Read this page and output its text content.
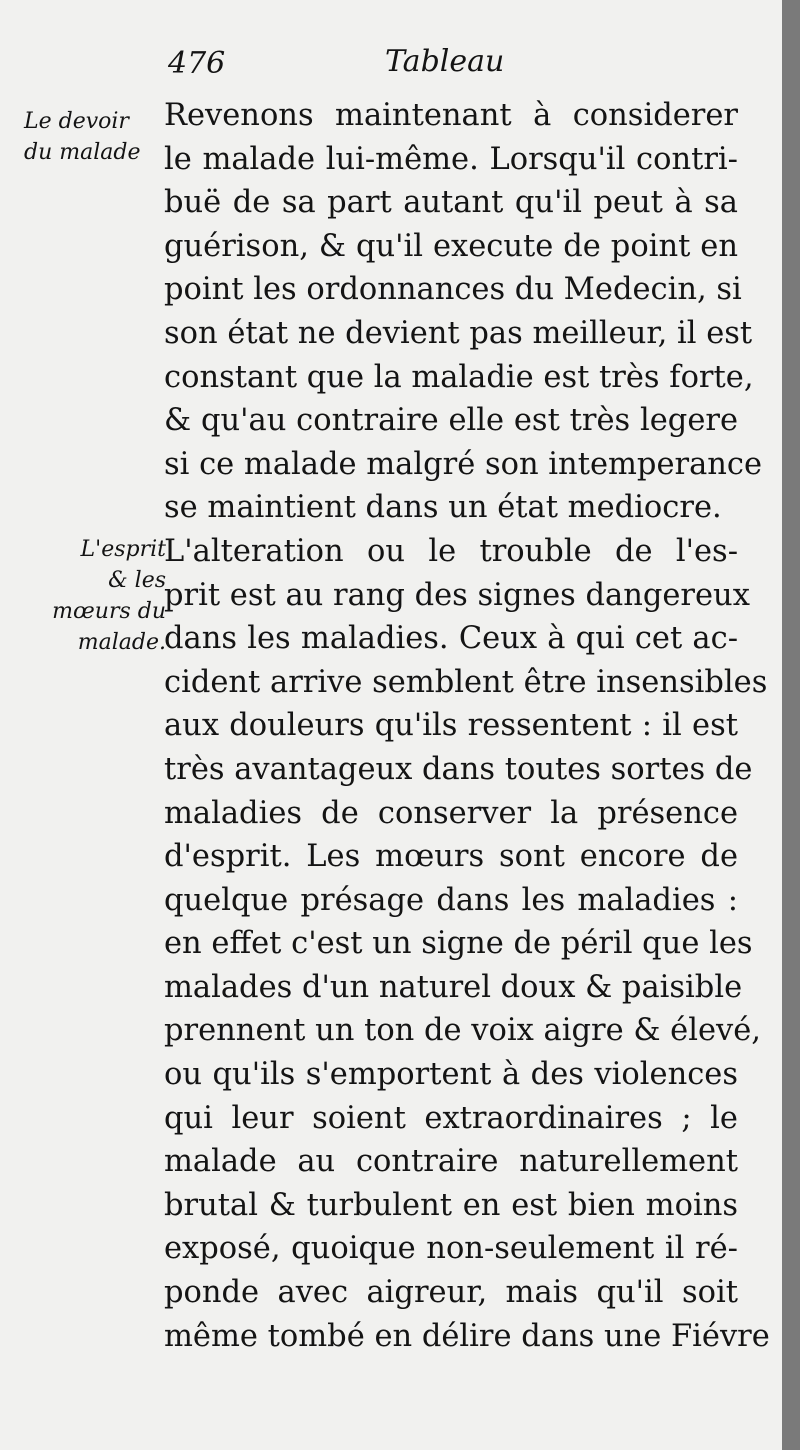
476	Tableau
Le devoir
du malade
L'esprit
& les
mœurs du
malade.
Revenons maintenant à considerer
le malade lui-même. Lorsqu'il contri-
buë de sa part autant qu'il peut à sa
guérison, & qu'il execute de point en
point les ordonnances du Medecin, si
son état ne devient pas meilleur, il est
constant que la maladie est très forte,
& qu'au contraire elle est très legere
si ce malade malgré son intemperance
se maintient dans un état mediocre.
L'alteration ou le trouble de l'es-
prit est au rang des signes dangereux
dans les maladies. Ceux à qui cet ac-
cident arrive semblent être insensibles
aux douleurs qu'ils ressentent : il est
très avantageux dans toutes sortes de
maladies de conserver la présence
d'esprit. Les mœurs sont encore de
quelque présage dans les maladies :
en effet c'est un signe de péril que les
malades d'un naturel doux & paisible
prennent un ton de voix aigre & élevé,
ou qu'ils s'emportent à des violences
qui leur soient extraordinaires ; le
malade au contraire naturellement
brutal & turbulent en est bien moins
exposé, quoique non-seulement il ré-
ponde avec aigreur, mais qu'il soit
même tombé en délire dans une Fiévre
